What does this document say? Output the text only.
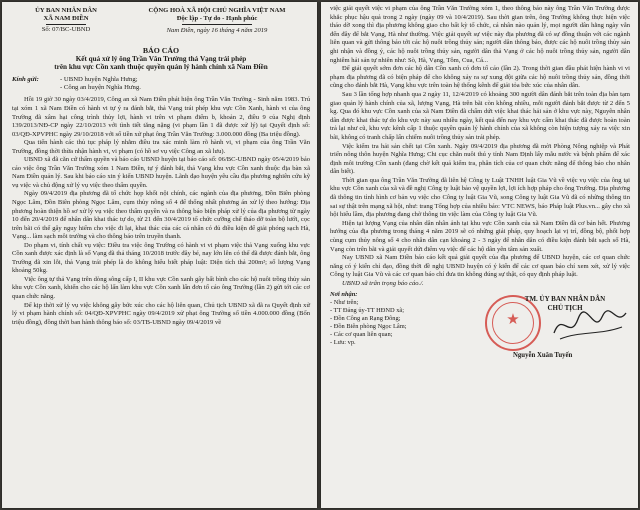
ỦY BAN NHÂN DÂN
XÃ NAM ĐIỀN
Số: 07/BC-UBND
CỘNG HOÀ XÃ HỘI CHỦ NGHĨA VIỆT NAM
Độc lập - Tự do - Hạnh phúc
Nam Điền, ngày 16 tháng 4 năm 2019
BÁO CÁO
Kết quả xử lý ông Trần Văn Trường thả Vạng trái phép
trên khu vực Cồn xanh thuộc quyền quản lý hành chính xã Nam Điền
Kính gửi:	- UBND huyện Nghĩa Hưng;
- Công an huyện Nghĩa Hưng.

Hồi 19 giờ 30 ngày 03/4/2019, Công an xã Nam Điền phát hiện ông Trần Văn Trường - Sinh năm 1983. Trú tại xóm 1 xã Nam Điền có hành vi tự ý ra đánh bắt, thả Vạng trái phép khu vực Cồn Xanh, hành vi của ông Trường đã xâm hại công trình thủy lợi, hành vi trên vi phạm điểm b, khoản 2, điều 9 của Nghị định 139/2013/NĐ-CP ngày 22/10/2013 với tình tiết tăng nặng (vi phạm lần 1 đã được xử lý) tại Quyết định số: 03/QĐ-XPVPHC ngày 29/10/2018 với số tiền xử phạt ông Trần Văn Trường: 3.000.000 đồng (Ba triệu đồng).

Qua tiến hành các thủ tục pháp lý nhằm điều tra xác minh làm rõ hành vi, vi phạm của ông Trần Văn Trường, đồng thời thừa nhận hành vi, vi phạm (có hồ sơ vụ việc Công an xã lưu).

UBND xã đã căn cứ thẩm quyền và báo cáo UBND huyện tại báo cáo số: 06/BC-UBND ngày 05/4/2019 báo cáo việc ông Trần Văn Trường xóm 1 Nam Điền, tự ý đánh bắt, thả Vạng khu vực Cồn xanh thuộc địa bàn xã Nam Điền quản lý. Sau khi báo cáo xin ý kiến UBND huyện. Lãnh đạo huyện yêu cầu địa phương nghiên cứu kỹ vụ việc và chủ động xử lý vụ việc theo thẩm quyền.

Ngày 09/4/2019 địa phương đã tổ chức họp khối nội chính, các ngành của địa phương, Đồn Biên phòng Ngọc Lâm, Đồn Biên phòng Ngọc Lâm, cụm thủy nông số 4 để thống nhất phương án xử lý theo hướng: Địa phương hoàn thiện hồ sơ xử lý vụ việc theo thẩm quyền và ra thông báo biện pháp xử lý của địa phương từ ngày 10 đến 20/4/2019 để nhân dân khai thác tự do, từ 21 đến 30/4/2019 tổ chức cưỡng chế tháo dỡ toàn bộ lưới, cọc trên bãi có thể gây nguy hiểm cho việc đi lại, khai thác của các cá nhân có đủ điều kiện để giải phóng sạch Hà, Vạng... làm sạch môi trường và cho thông báo trên truyền thanh.

Do phạm vi, tính chất vụ việc: Điều tra việc ông Trường có hành vi vi phạm việc thả Vạng xuống khu vực Cồn xanh được xác định là số Vạng đã thả tháng 10/2018 trước đây bé, nay lớn lên có thể đã được đánh bắt, ông Trường đã xin lỗi, thả Vạng trái phép là do không hiểu biết pháp luật: Diện tích thả 200m²; số lượng Vạng khoảng 50kg.

Việc ông tự thả Vạng trên dòng sông cấp I, II khu vực Cồn xanh gây bất bình cho các hộ nuôi trồng thủy sản khu vực Cồn xanh, khiến cho các hộ lấn làm khu vực Cồn xanh lấn đơn tố cáo ông Trường (lần 2) gửi tới các cơ quan chức năng.

Để kịp thời xử lý vụ việc không gây bức xúc cho các hộ liên quan, Chủ tịch UBND xã đã ra Quyết định xử lý vi phạm hành chính số: 04/QĐ-XPVPHC ngày 09/4/2019 xử phạt ông Trường số tiền 4.000.000 đồng (Bốn triệu đồng), đồng thời ban hành thông báo số: 03/TB-UBND ngày 09/4/2019 về

việc giải quyết việc vi phạm của ông Trần Văn Trường xóm 1, theo thông báo này ông Trần Văn Trường được khắc phục hậu quả trong 2 ngày (ngày 09 và 10/4/2019). Sau thời gian trên, ông Trường không thực hiện việc tháo dỡ xong thì địa phương không giao cho bất kỳ tổ chức, cá nhân nào quản lý, mọi người dân hằng ngày vẫn đến đây để bắt Vạng, Hà như thường. Việc giải quyết sự việc này địa phương đã có sự đồng thuận với các ngành liên quan và gửi thông báo tới các hộ nuôi trồng thủy sản; người dân thông báo, được các hộ nuôi trồng thủy sản ghi nhận và đồng ý, các hộ nuôi trồng thủy sản, người dân thả Vạng ở các hộ nuôi trồng thủy sản, người dân nghiêm hải sản tự nhiên như: Sò, Hà, Vạng, Tôm, Cua, Cá...

Để giải quyết sớm đơn các hộ dân Cồn xanh có đơn tố cáo (lần 2). Trong thời gian đầu phát hiện hành vi vi phạm địa phương đã có biện pháp để cho không xảy ra sự xung đột giữa các hộ nuôi trồng thủy sản, đồng thời cũng cho đánh bắt Hà, Vạng khu vực trên toàn hệ thống kênh để giải tỏa bức xúc của nhân dân.

Sau 3 lần tổng hợp nhanh qua 2 ngày 11, 12/4/2019 có khoảng 300 người dân đánh bắt trên toàn địa bàn tạm giao quản lý hành chính của xã, lượng Vạng, Hà trên bãi còn không nhiều, mỗi người đánh bắt được từ 2 đến 5 kg. Qua đó khu vực Cồn xanh của xã Nam Điền đã chấm dứt việc khai thác hải sản ở khu vực này, Nguyên nhân dân được khai thác tự do khu vực này sau nhiều ngày, kết quả đến nay khu vực cấm khai thác đã được hoàn toàn trả lại như cũ, khu vực kênh cấp 1 thuộc quyền quản lý hành chính của xã không còn hiện tượng xảy ra việc xin bãi, không có tranh chấp lấn chiếm nuôi trồng thủy sản trái phép.

Việc kiểm tra hải sản chết tại Cồn xanh. Ngày 09/4/2019 địa phương đã mời Phòng Nông nghiệp và Phát triển nông thôn huyện Nghĩa Hưng; Chi cục chăn nuôi thú y tỉnh Nam Định lấy mẫu nước và bệnh phẩm để xác định môi trường Cồn xanh (đang chờ kết quả kiểm tra, phân tích của cơ quan chức năng để thông báo cho nhân dân biết).

Thời gian qua ông Trần Văn Trường đã liên hệ Công ty Luật TNHH luật Gia Vũ về việc vụ việc của ông tại khu vực Cồn xanh của xã và đề nghị Công ty luật bảo vệ quyền lợi, lợi ích hợp pháp cho ông Trường. Địa phương đã thông tin tình hình cơ bản vụ việc cho Công ty luật Gia Vũ, song Công ty luật Gia Vũ đã có những thông tin sai sự thật trên mạng xã hội, như: trang Tổng hợp của nhiều báo: VTC NEWS, báo Pháp luật Plus.vn... gây cho xã hội hiểu lầm, địa phương đang chờ thông tin việc làm của Công ty luật Gia Vũ.

Hiện tại lượng Vạng của nhân dân nhân ảnh tại khu vực Cồn xanh của xã Nam Điền đã cơ bản hết. Phương hướng của địa phương trong tháng 4 năm 2019 sẽ có những giải pháp, quy hoạch lại vị trí, đồng bộ, phối hợp cùng cụm thủy nông số 4 cho nhân dân cạn khoảng 2 - 3 ngày để nhân dân có điều kiện đánh bắt sạch số Hà, Vạng còn trên bãi và giải quyết dứt điểm vụ việc để các hộ dân yên tâm sản xuất.

Nay UBND xã Nam Điền báo cáo kết quả giải quyết của địa phương để UBND huyện, các cơ quan chức năng có ý kiến chỉ đạo, đồng thời đề nghị UBND huyện có ý kiến để các cơ quan báo chí xem xét, xử lý việc Công ty luật Gia Vũ và các cơ quan báo chí đưa tin không đúng sự thật, có quy định pháp luật.

UBND xã trân trọng báo cáo./.

Nơi nhận:
- Như trên;
- TT Đảng ủy-TT HĐND xã;
- Đồn Công an Rạng Đông;
- Đồn Biên phòng Ngọc Lâm;
- Các cơ quan liên quan;
- Lưu: vp.
★
TM. ỦY BAN NHÂN DÂN
CHỦ TỊCH
Nguyễn Xuân Tuyến
